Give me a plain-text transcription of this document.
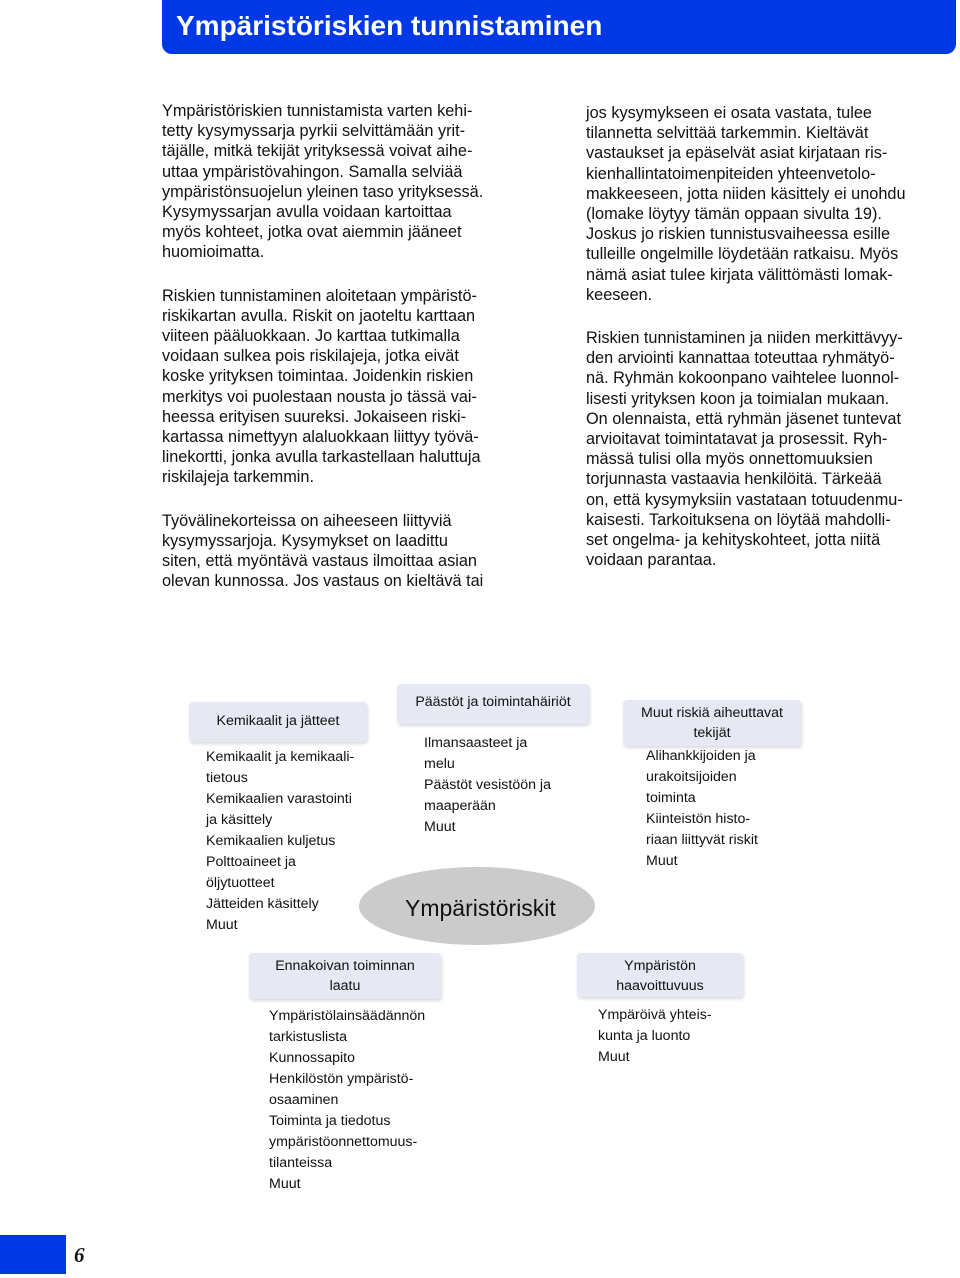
Ympäristöriskien tunnistaminen

Ympäristöriskien tunnistamista varten kehi-
tetty kysymyssarja pyrkii selvittämään yrit-
täjälle, mitkä tekijät yrityksessä voivat aihe-
uttaa ympäristövahingon. Samalla selviää
ympäristönsuojelun yleinen taso yrityksessä.
Kysymyssarjan avulla voidaan kartoittaa
myös kohteet, jotka ovat aiemmin jääneet
huomioimatta.

Riskien tunnistaminen aloitetaan ympäristö-
riskikartan avulla. Riskit on jaoteltu karttaan
viiteen pääluokkaan. Jo karttaa tutkimalla
voidaan sulkea pois riskilajeja, jotka eivät
koske yrityksen toimintaa. Joidenkin riskien
merkitys voi puolestaan nousta jo tässä vai-
heessa erityisen suureksi. Jokaiseen riski-
kartassa nimettyyn alaluokkaan liittyy työvä-
linekortti, jonka avulla tarkastellaan haluttuja
riskilajeja tarkemmin.

Työvälinekorteissa on aiheeseen liittyviä
kysymyssarjoja. Kysymykset on laadittu
siten, että myöntävä vastaus ilmoittaa asian
olevan kunnossa. Jos vastaus on kieltävä tai

jos kysymykseen ei osata vastata, tulee
tilannetta selvittää tarkemmin. Kieltävät
vastaukset ja epäselvät asiat kirjataan ris-
kienhallintatoimenpiteiden yhteenvetolo-
makkeeseen, jotta niiden käsittely ei unohdu
(lomake löytyy tämän oppaan sivulta 19).
Joskus jo riskien tunnistusvaiheessa esille
tulleille ongelmille löydetään ratkaisu. Myös
nämä asiat tulee kirjata välittömästi lomak-
keeseen.

Riskien tunnistaminen ja niiden merkittävyy-
den arviointi kannattaa toteuttaa ryhmätyö-
nä. Ryhmän kokoonpano vaihtelee luonnol-
lisesti yrityksen koon ja toimialan mukaan.
On olennaista, että ryhmän jäsenet tuntevat
arvioitavat toimintatavat ja prosessit. Ryh-
mässä tulisi olla myös onnettomuuksien
torjunnasta vastaavia henkilöitä. Tärkeää
on, että kysymyksiin vastataan totuudenmu-
kaisesti. Tarkoituksena on löytää mahdolli-
set ongelma- ja kehityskohteet, jotta niitä
voidaan parantaa.

Kemikaalit ja jätteet
Kemikaalit ja kemikaali-
tietous
Kemikaalien varastointi
ja käsittely
Kemikaalien kuljetus
Polttoaineet ja
öljytuotteet
Jätteiden käsittely
Muut
Päästöt ja toimintahäiriöt
Ilmansaasteet ja
melu
Päästöt vesistöön ja
maaperään
Muut
Muut riskiä aiheuttavat
tekijät
Alihankkijoiden ja
urakoitsijoiden
toiminta
Kiinteistön histo-
riaan liittyvät riskit
Muut
Ympäristöriskit
Ennakoivan toiminnan
laatu
Ympäristölainsäädännön
tarkistuslista
Kunnossapito
Henkilöstön ympäristö-
osaaminen
Toiminta ja tiedotus
ympäristöonnettomuus-
tilanteissa
Muut
Ympäristön
haavoittuvuus
Ympäröivä yhteis-
kunta ja luonto
Muut
6
